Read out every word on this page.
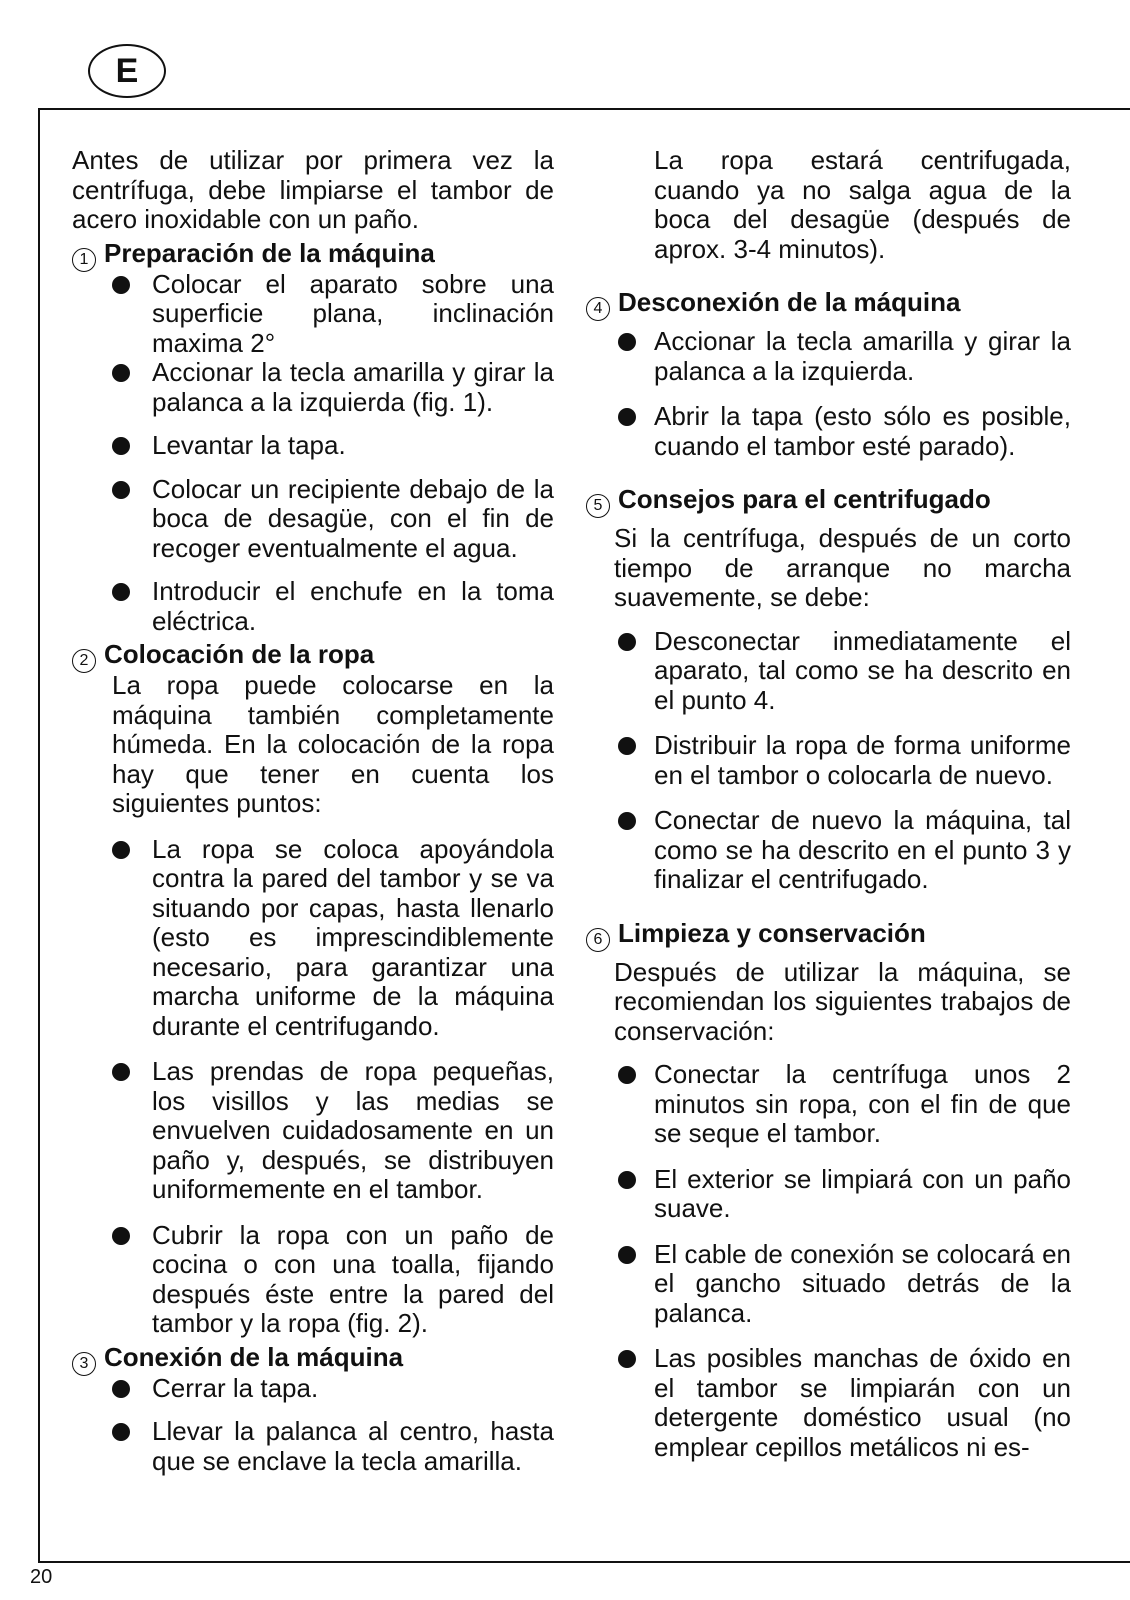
E
20

Antes de utilizar por primera vez la centrífuga, debe limpiarse el tambor de acero inoxidable con un paño.

1 Preparación de la máquina
Colocar el aparato sobre una superficie plana, inclinación maxima 2°
Accionar la tecla amarilla y girar la palanca a la izquierda (fig. 1).
Levantar la tapa.
Colocar un recipiente debajo de la boca de desagüe, con el fin de recoger eventualmente el agua.
Introducir el enchufe en la toma eléctrica.
2 Colocación de la ropa

La ropa puede colocarse en la máquina también completamente húmeda. En la colocación de la ropa hay que tener en cuenta los siguientes puntos:

La ropa se coloca apoyándola contra la pared del tambor y se va situando por capas, hasta llenarlo (esto es imprescindiblemente necesario, para garantizar una marcha uniforme de la máquina durante el centrifugando.
Las prendas de ropa pequeñas, los visillos y las medias se envuelven cuidadosamente en un paño y, después, se distribuyen uniformemente en el tambor.
Cubrir la ropa con un paño de cocina o con una toalla, fijando después éste entre la pared del tambor y la ropa (fig. 2).
3 Conexión de la máquina
Cerrar la tapa.
Llevar la palanca al centro, hasta que se enclave la tecla amarilla.

La ropa estará centrifugada, cuando ya no salga agua de la boca del desagüe (después de aprox. 3-4 minutos).

4 Desconexión de la máquina
Accionar la tecla amarilla y girar la palanca a la izquierda.
Abrir la tapa (esto sólo es posible, cuando el tambor esté parado).
5 Consejos para el centrifugado

Si la centrífuga, después de un corto tiempo de arranque no marcha suavemente, se debe:

Desconectar inmediatamente el aparato, tal como se ha descrito en el punto 4.
Distribuir la ropa de forma uniforme en el tambor o colocarla de nuevo.
Conectar de nuevo la máquina, tal como se ha descrito en el punto 3 y finalizar el centrifugado.
6 Limpieza y conservación

Después de utilizar la máquina, se recomiendan los siguientes trabajos de conservación:

Conectar la centrífuga unos 2 minutos sin ropa, con el fin de que se seque el tambor.
El exterior se limpiará con un paño suave.
El cable de conexión se colocará en el gancho situado detrás de la palanca.
Las posibles manchas de óxido en el tambor se limpiarán con un detergente doméstico usual (no emplear cepillos metálicos ni es-
